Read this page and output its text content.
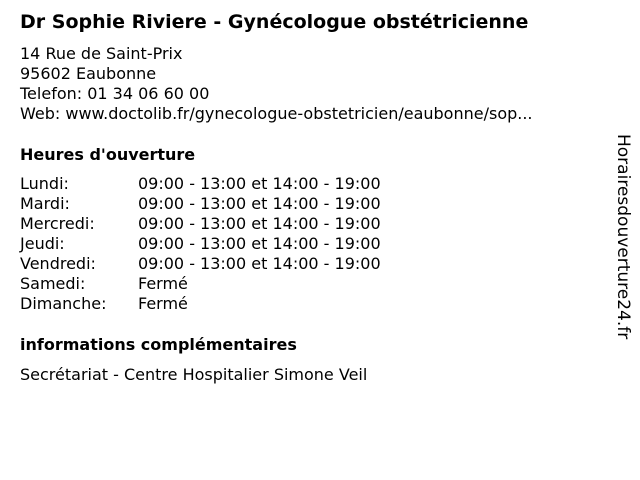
Dr Sophie Riviere - Gynécologue obstétricienne
14 Rue de Saint-Prix
95602 Eaubonne
Telefon: 01 34 06 60 00
Web: www.doctolib.fr/gynecologue-obstetricien/eaubonne/sop...
Heures d'ouverture
Lundi:	09:00 - 13:00 et 14:00 - 19:00
Mardi:	09:00 - 13:00 et 14:00 - 19:00
Mercredi:	09:00 - 13:00 et 14:00 - 19:00
Jeudi:	09:00 - 13:00 et 14:00 - 19:00
Vendredi:	09:00 - 13:00 et 14:00 - 19:00
Samedi:	Fermé
Dimanche: Fermé
informations complémentaires
Secrétariat - Centre Hospitalier Simone Veil
Horairesdouverture24.fr
